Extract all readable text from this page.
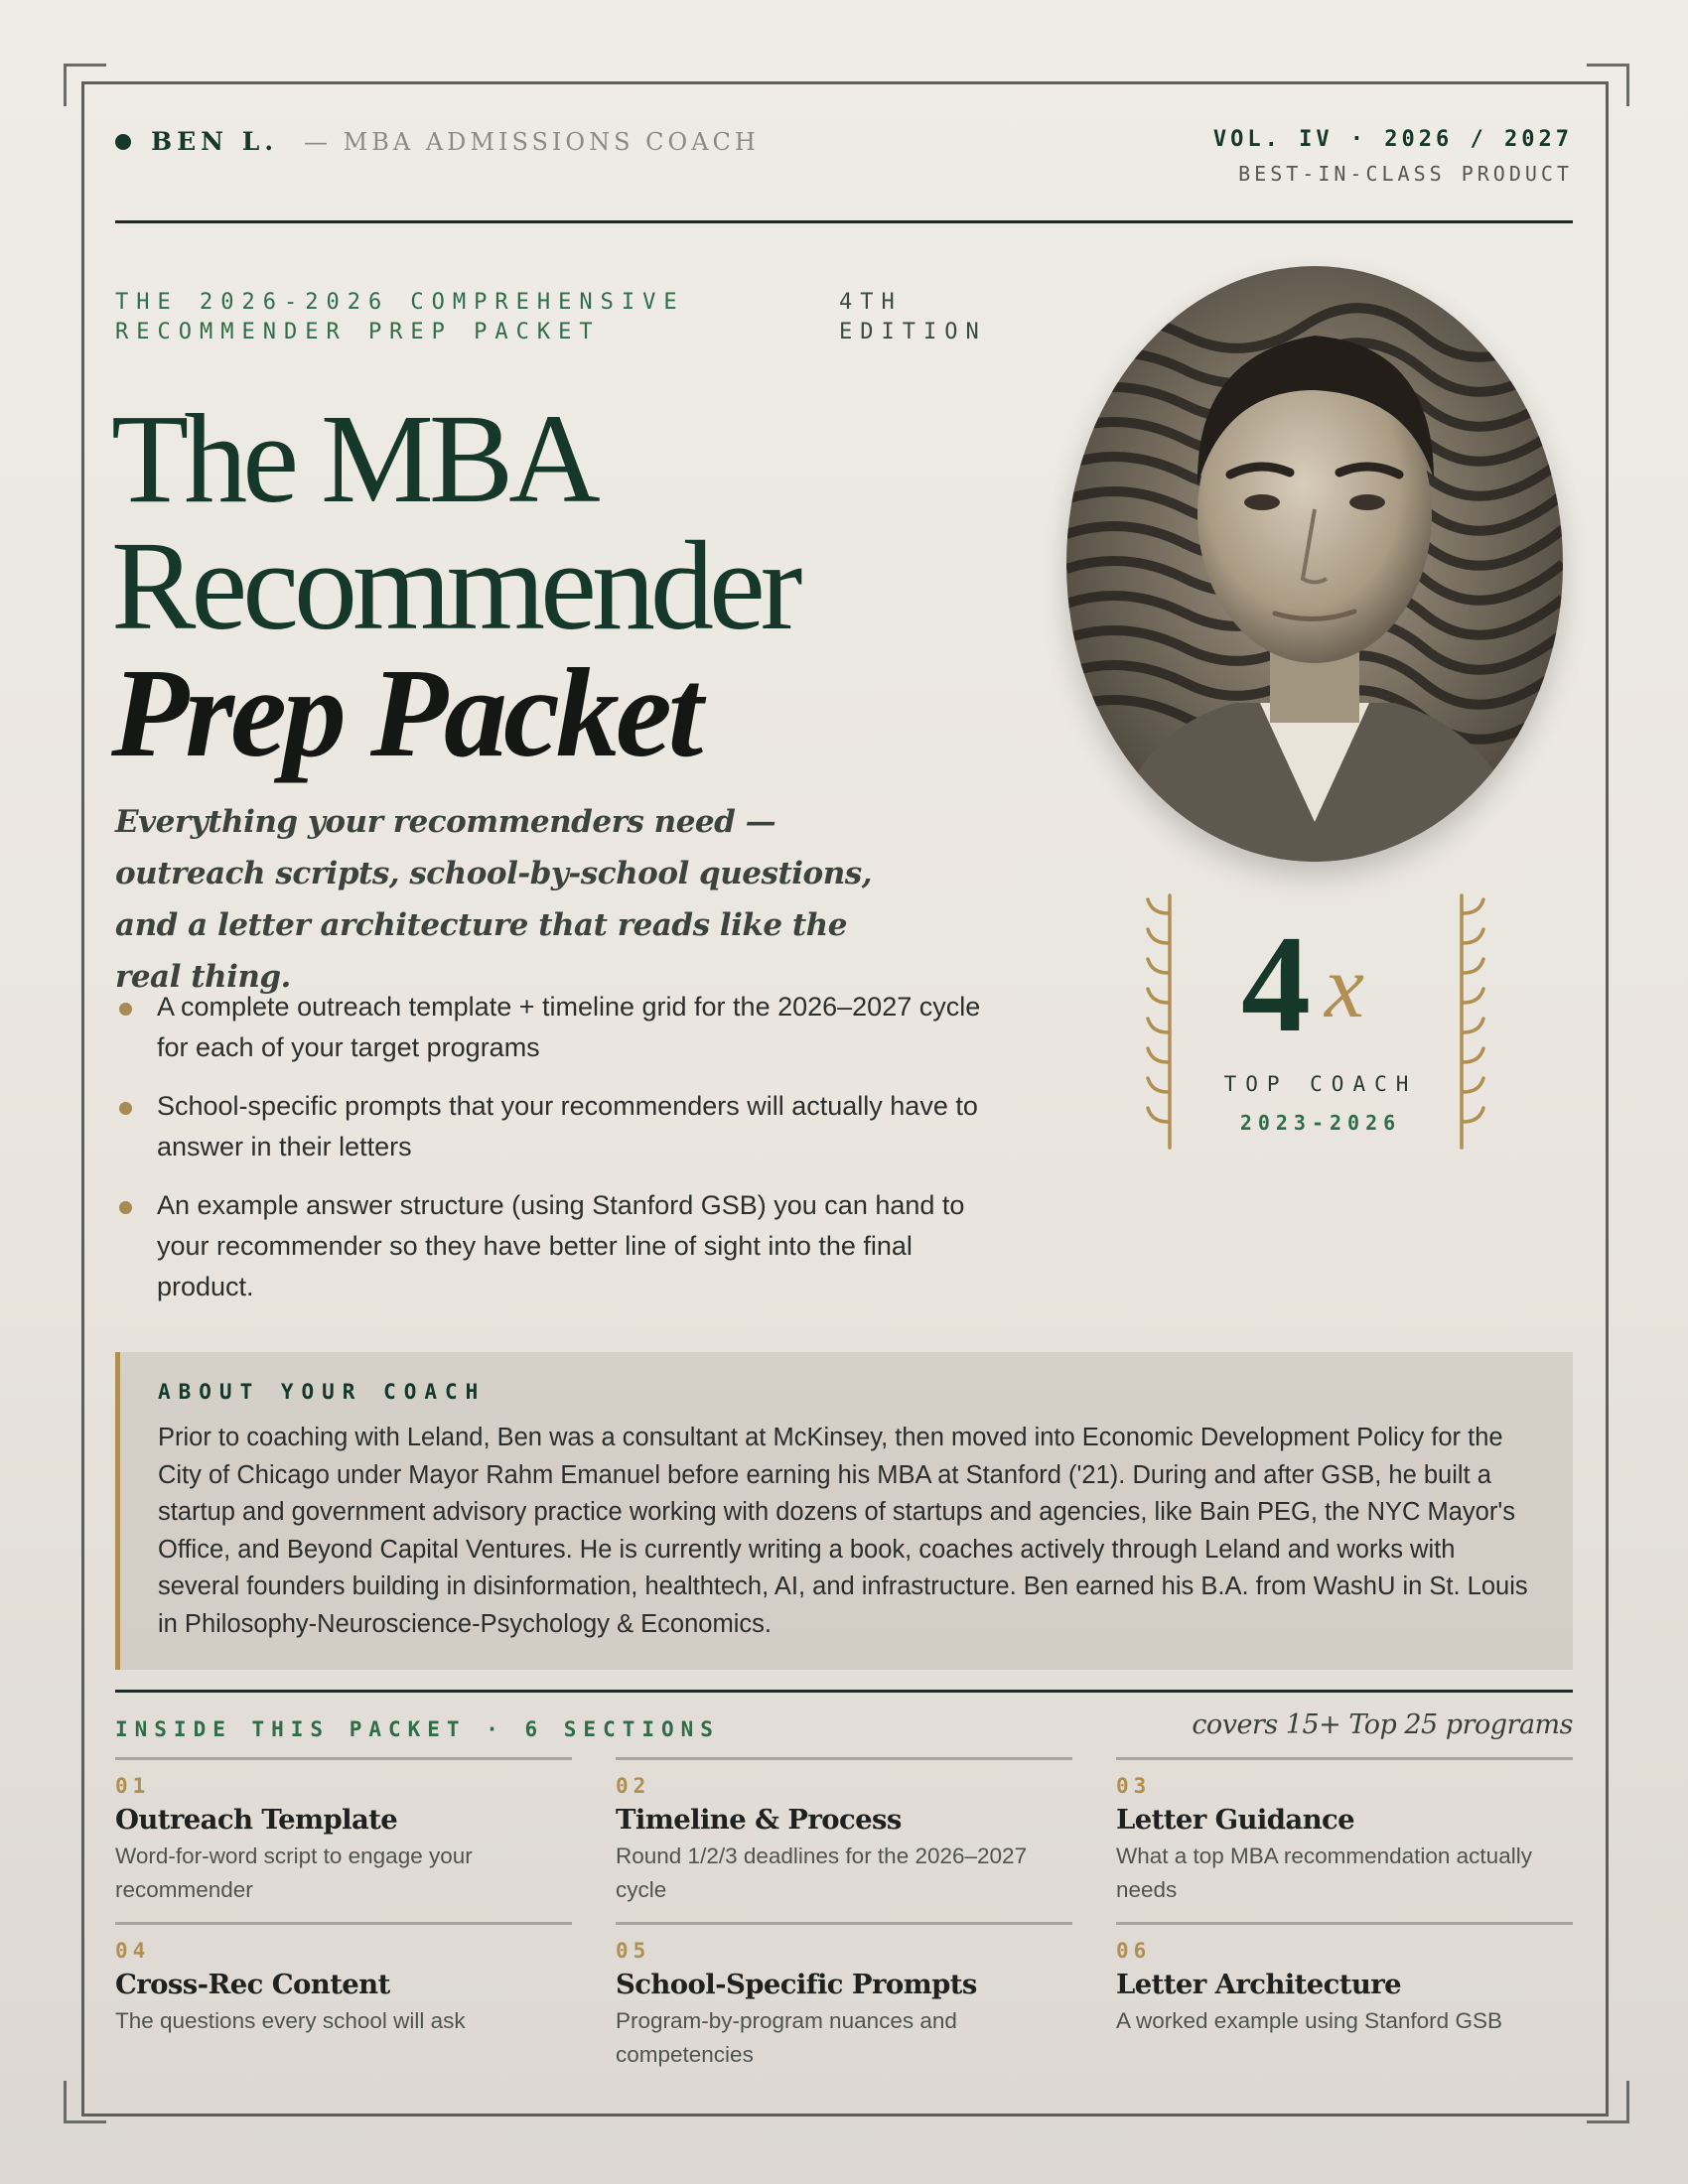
BEN L. — MBA ADMISSIONS COACH	VOL. IV · 2026 / 2027
BEST-IN-CLASS PRODUCT
THE 2026-2026 COMPREHENSIVE
RECOMMENDER PREP PACKET
4TH
EDITION
The MBA
Recommender
Prep Packet
Everything your recommenders need — outreach scripts, school-by-school questions, and a letter architecture that reads like the real thing.
A complete outreach template + timeline grid for the 2026–2027 cycle for each of your target programs
School-specific prompts that your recommenders will actually have to answer in their letters
An example answer structure (using Stanford GSB) you can hand to your recommender so they have better line of sight into the final product.
4 x
TOP COACH
2023-2026
ABOUT YOUR COACH
Prior to coaching with Leland, Ben was a consultant at McKinsey, then moved into Economic Development Policy for the City of Chicago under Mayor Rahm Emanuel before earning his MBA at Stanford ('21). During and after GSB, he built a startup and government advisory practice working with dozens of startups and agencies, like Bain PEG, the NYC Mayor's Office, and Beyond Capital Ventures. He is currently writing a book, coaches actively through Leland and works with several founders building in disinformation, healthtech, AI, and infrastructure. Ben earned his B.A. from WashU in St. Louis in Philosophy-Neuroscience-Psychology & Economics.
INSIDE THIS PACKET · 6 SECTIONS	covers 15+ Top 25 programs
01
Outreach Template
Word-for-word script to engage your recommender
02
Timeline & Process
Round 1/2/3 deadlines for the 2026–2027 cycle
03
Letter Guidance
What a top MBA recommendation actually needs
04
Cross-Rec Content
The questions every school will ask
05
School-Specific Prompts
Program-by-program nuances and competencies
06
Letter Architecture
A worked example using Stanford GSB
